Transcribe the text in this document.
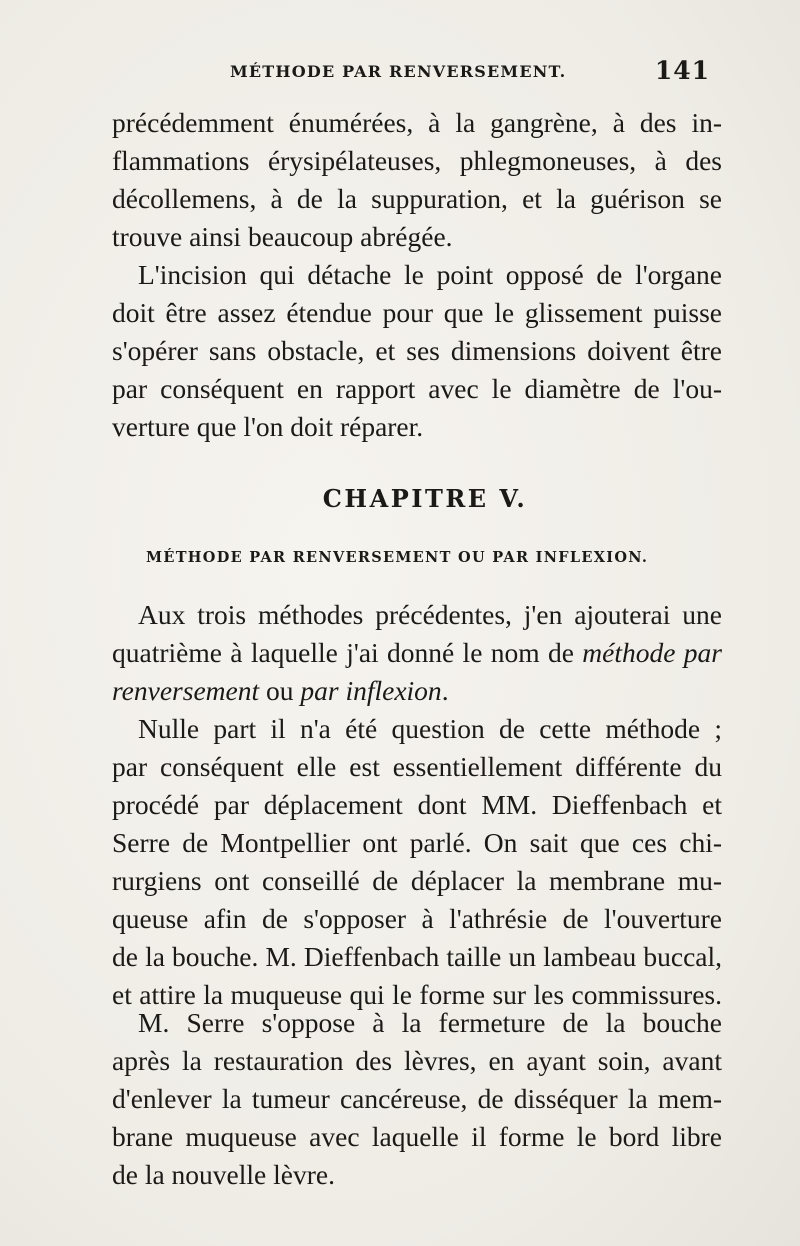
MÉTHODE PAR RENVERSEMENT.	141
précédemment énumérées, à la gangrène, à des in-
flammations érysipélateuses, phlegmoneuses, à des
décollemens, à de la suppuration, et la guérison se
trouve ainsi beaucoup abrégée.
L'incision qui détache le point opposé de l'organe
doit être assez étendue pour que le glissement puisse
s'opérer sans obstacle, et ses dimensions doivent être
par conséquent en rapport avec le diamètre de l'ou-
verture que l'on doit réparer.
CHAPITRE V.
MÉTHODE PAR RENVERSEMENT OU PAR INFLEXION.
Aux trois méthodes précédentes, j'en ajouterai une
quatrième à laquelle j'ai donné le nom de méthode par
renversement ou par inflexion.
Nulle part il n'a été question de cette méthode ;
par conséquent elle est essentiellement différente du
procédé par déplacement dont MM. Dieffenbach et
Serre de Montpellier ont parlé. On sait que ces chi-
rurgiens ont conseillé de déplacer la membrane mu-
queuse afin de s'opposer à l'athrésie de l'ouverture
de la bouche. M. Dieffenbach taille un lambeau buccal,
et attire la muqueuse qui le forme sur les commissures.
M. Serre s'oppose à la fermeture de la bouche
après la restauration des lèvres, en ayant soin, avant
d'enlever la tumeur cancéreuse, de disséquer la mem-
brane muqueuse avec laquelle il forme le bord libre
de la nouvelle lèvre.
